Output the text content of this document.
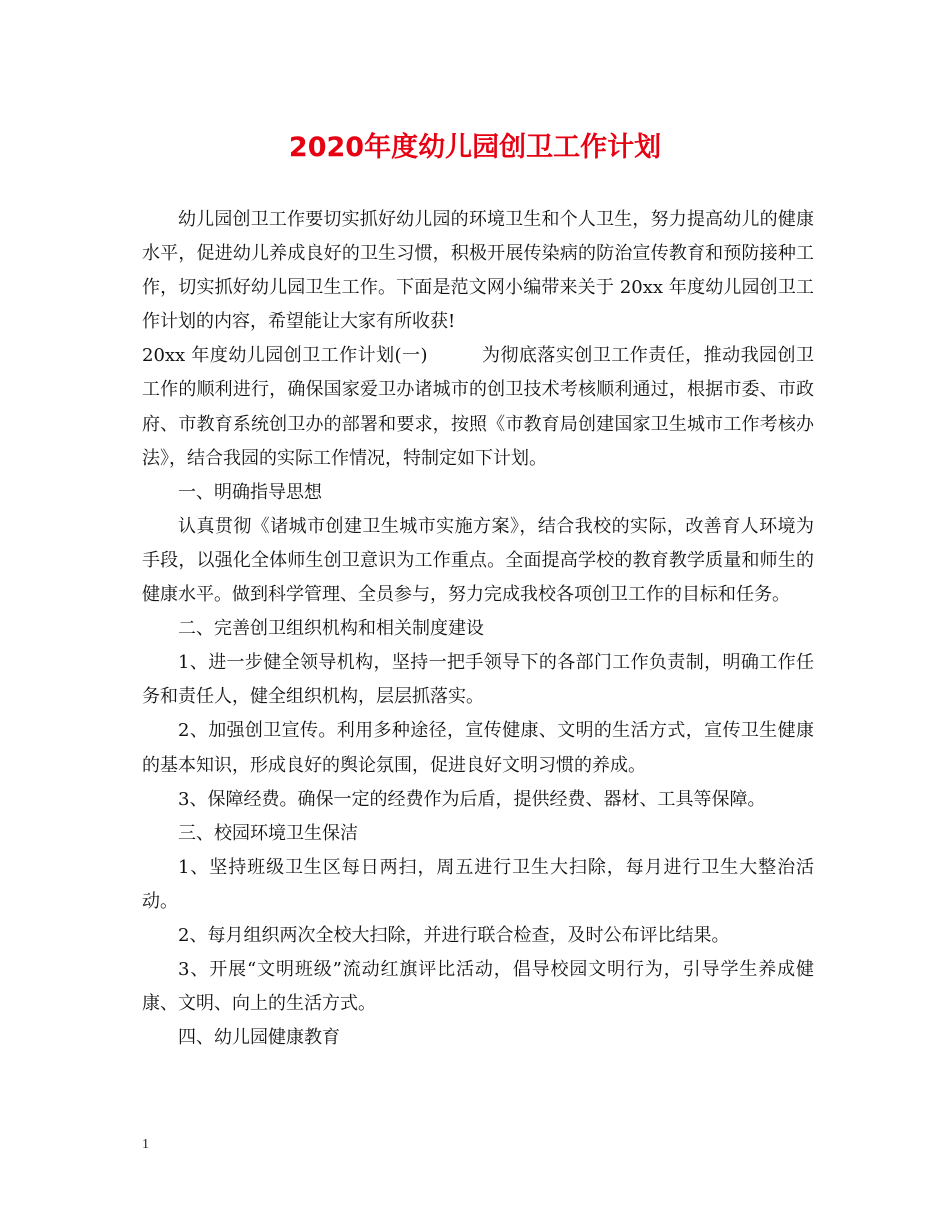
2020年度幼儿园创卫工作计划

幼儿园创卫工作要切实抓好幼儿园的环境卫生和个人卫生，努力提高幼儿的健康水平，促进幼儿养成良好的卫生习惯，积极开展传染病的防治宣传教育和预防接种工作，切实抓好幼儿园卫生工作。下面是范文网小编带来关于 20xx 年度幼儿园创卫工作计划的内容，希望能让大家有所收获!

20xx 年度幼儿园创卫工作计划(一)	为彻底落实创卫工作责任，推动我园创卫工作的顺利进行，确保国家爱卫办诸城市的创卫技术考核顺利通过，根据市委、市政府、市教育系统创卫办的部署和要求，按照《市教育局创建国家卫生城市工作考核办法》，结合我园的实际工作情况，特制定如下计划。

一、明确指导思想

认真贯彻《诸城市创建卫生城市实施方案》，结合我校的实际，改善育人环境为手段，以强化全体师生创卫意识为工作重点。全面提高学校的教育教学质量和师生的健康水平。做到科学管理、全员参与，努力完成我校各项创卫工作的目标和任务。

二、完善创卫组织机构和相关制度建设

1、进一步健全领导机构，坚持一把手领导下的各部门工作负责制，明确工作任务和责任人，健全组织机构，层层抓落实。

2、加强创卫宣传。利用多种途径，宣传健康、文明的生活方式，宣传卫生健康的基本知识，形成良好的舆论氛围，促进良好文明习惯的养成。

3、保障经费。确保一定的经费作为后盾，提供经费、器材、工具等保障。

三、校园环境卫生保洁

1、坚持班级卫生区每日两扫，周五进行卫生大扫除，每月进行卫生大整治活动。

2、每月组织两次全校大扫除，并进行联合检查，及时公布评比结果。

3、开展“文明班级”流动红旗评比活动，倡导校园文明行为，引导学生养成健康、文明、向上的生活方式。

四、幼儿园健康教育

1
